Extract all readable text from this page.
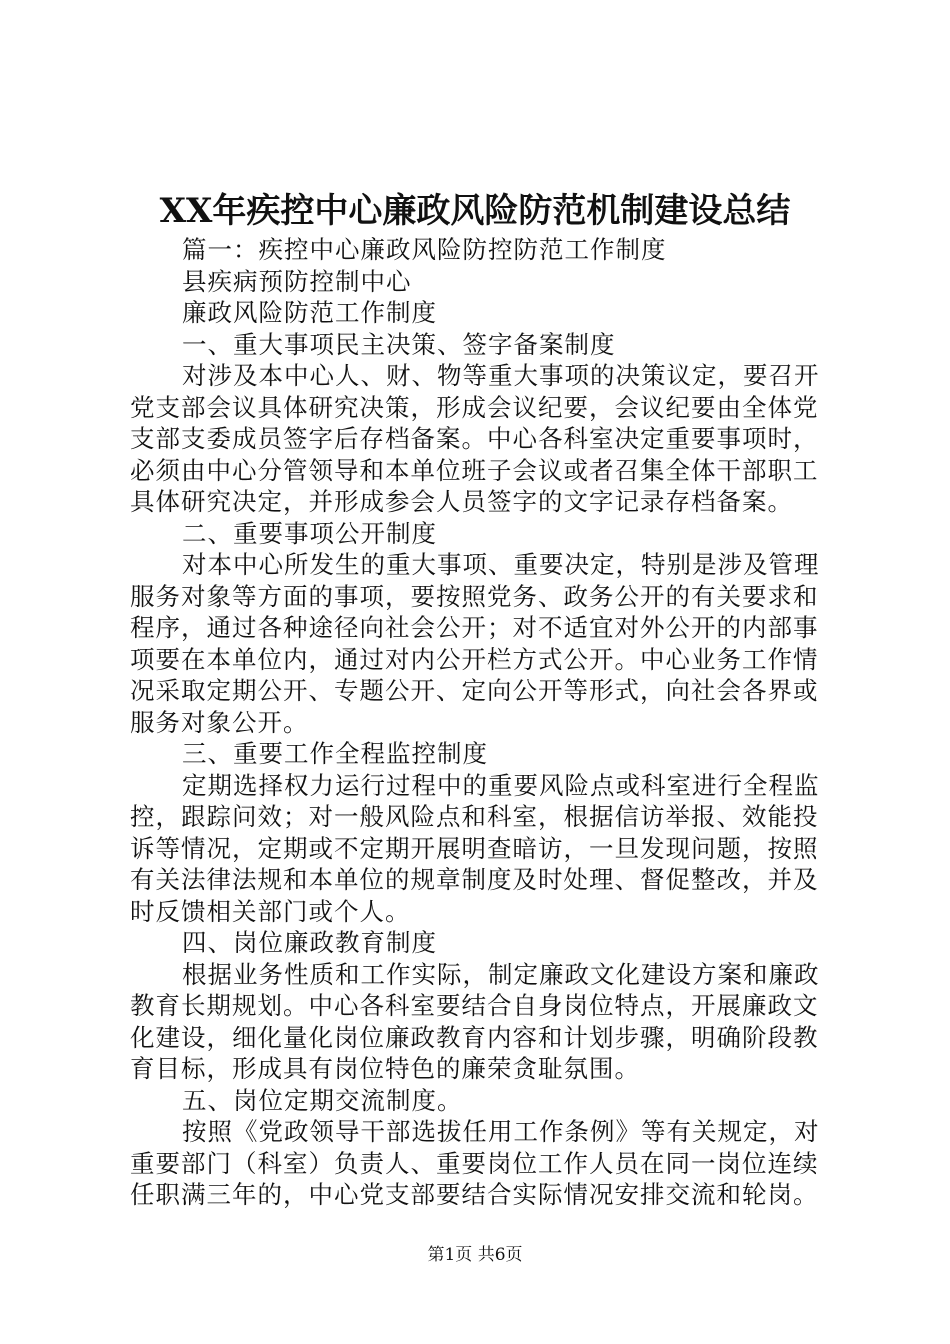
XX年疾控中心廉政风险防范机制建设总结
篇一：疾控中心廉政风险防控防范工作制度
县疾病预防控制中心
廉政风险防范工作制度
一、重大事项民主决策、签字备案制度
对涉及本中心人、财、物等重大事项的决策议定，要召开
党支部会议具体研究决策，形成会议纪要，会议纪要由全体党
支部支委成员签字后存档备案。中心各科室决定重要事项时，
必须由中心分管领导和本单位班子会议或者召集全体干部职工
具体研究决定，并形成参会人员签字的文字记录存档备案。
二、重要事项公开制度
对本中心所发生的重大事项、重要决定，特别是涉及管理
服务对象等方面的事项，要按照党务、政务公开的有关要求和
程序，通过各种途径向社会公开；对不适宜对外公开的内部事
项要在本单位内，通过对内公开栏方式公开。中心业务工作情
况采取定期公开、专题公开、定向公开等形式，向社会各界或
服务对象公开。
三、重要工作全程监控制度
定期选择权力运行过程中的重要风险点或科室进行全程监
控，跟踪问效；对一般风险点和科室，根据信访举报、效能投
诉等情况，定期或不定期开展明查暗访，一旦发现问题，按照
有关法律法规和本单位的规章制度及时处理、督促整改，并及
时反馈相关部门或个人。
四、岗位廉政教育制度
根据业务性质和工作实际，制定廉政文化建设方案和廉政
教育长期规划。中心各科室要结合自身岗位特点，开展廉政文
化建设，细化量化岗位廉政教育内容和计划步骤，明确阶段教
育目标，形成具有岗位特色的廉荣贪耻氛围。
五、岗位定期交流制度。
按照《党政领导干部选拔任用工作条例》等有关规定，对
重要部门（科室）负责人、重要岗位工作人员在同一岗位连续
任职满三年的，中心党支部要结合实际情况安排交流和轮岗。
第1页 共6页
